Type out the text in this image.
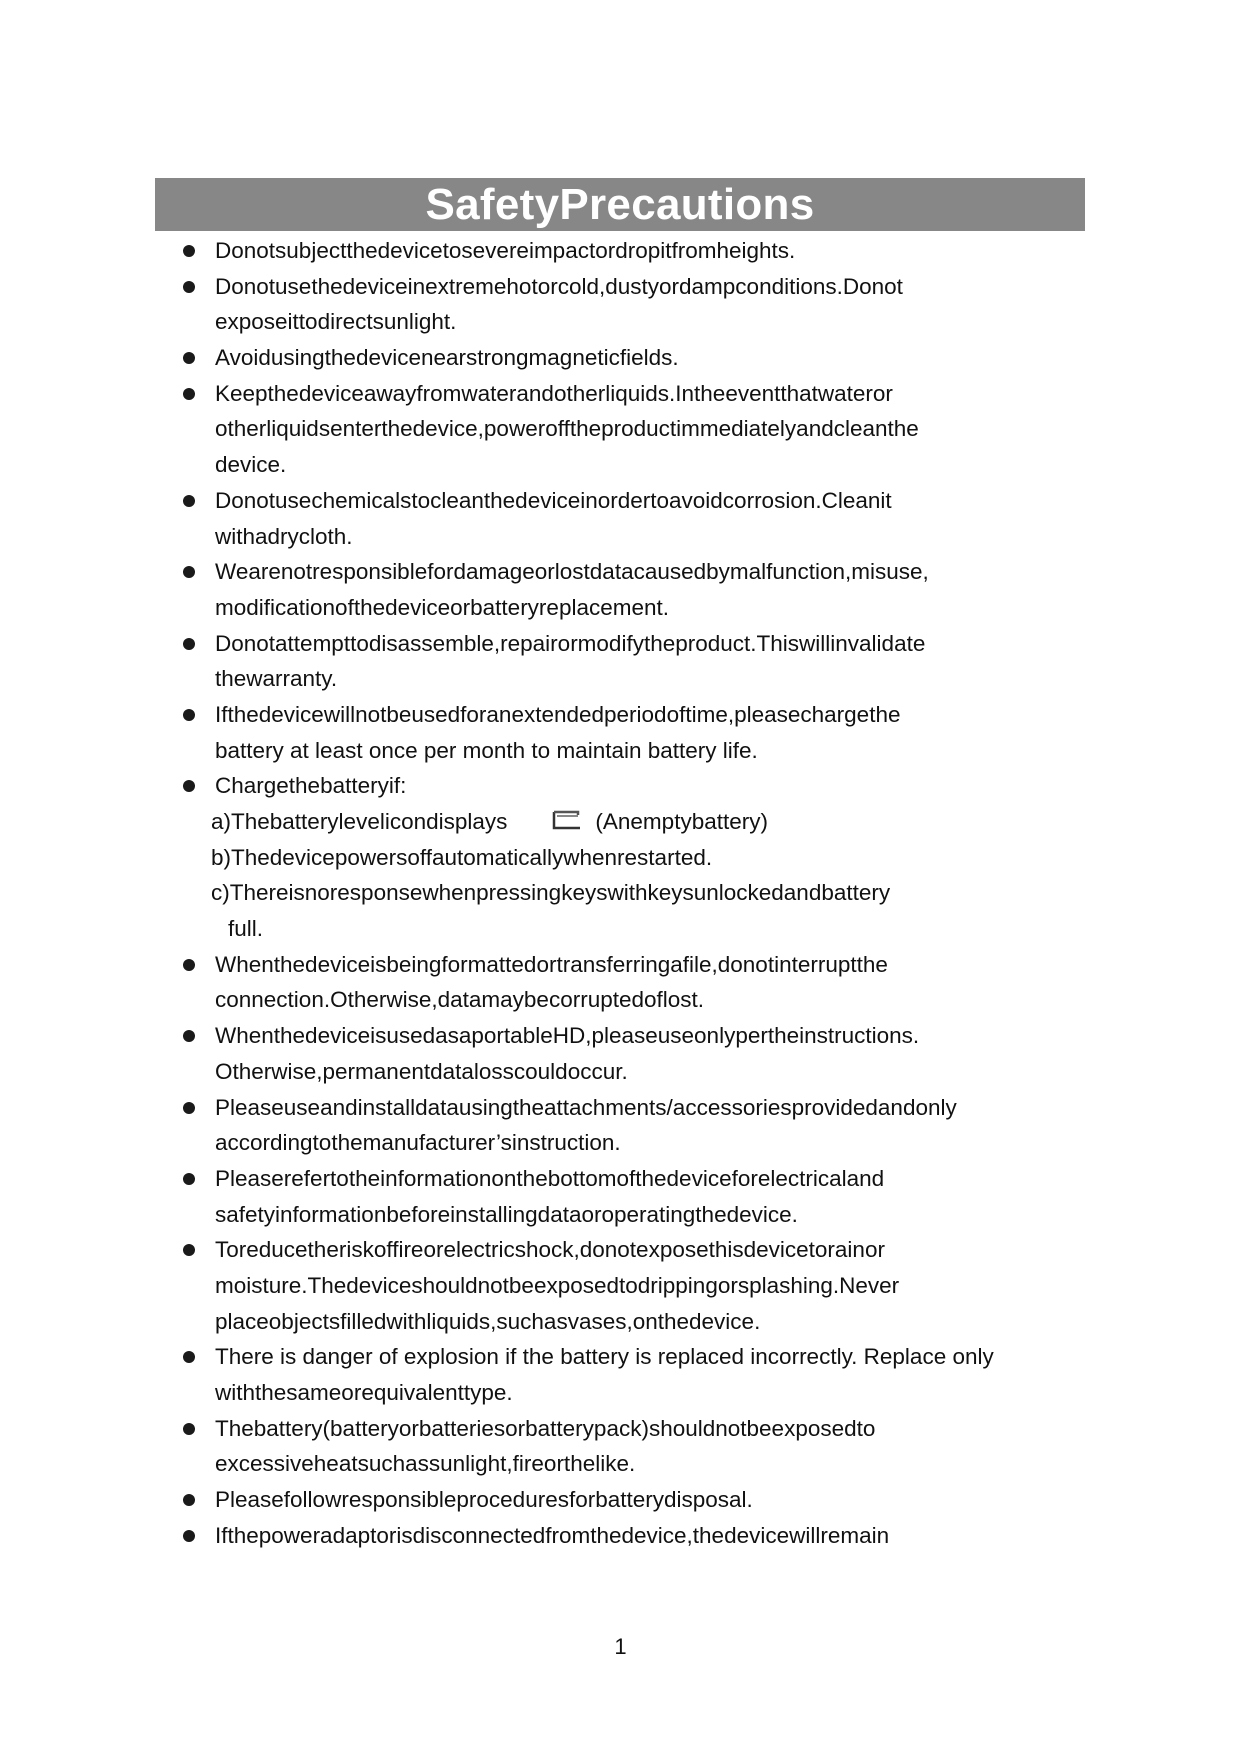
SafetyPrecautions
Donotsubjectthedevicetosevereimpactordropitfromheights.
Donotusethedeviceinextremehotorcold,dustyordampconditions.Donot
exposeittodirectsunlight.
Avoidusingthedevicenearstrongmagneticfields.
Keepthedeviceawayfromwaterandotherliquids.Intheeventthatwateror
otherliquidsenterthedevice,powerofftheproductimmediatelyandcleanthe
device.
Donotusechemicalstocleanthedeviceinordertoavoidcorrosion.Cleanit
withadrycloth.
Wearenotresponsiblefordamageorlostdatacausedbymalfunction,misuse,
modificationofthedeviceorbatteryreplacement.
Donotattempttodisassemble,repairormodifytheproduct.Thiswillinvalidate
thewarranty.
Ifthedevicewillnotbeusedforanextendedperiodoftime,pleasechargethe
battery at least once per month to maintain battery life.
Chargethebatteryif:
a)Thebatterylevelicondisplays	(Anemptybattery)
b)Thedevicepowersoffautomaticallywhenrestarted.
c)Thereisnoresponsewhenpressingkeyswithkeysunlockedandbattery
full.
Whenthedeviceisbeingformattedortransferringafile,donotinterruptthe
connection.Otherwise,datamaybecorruptedoflost.
WhenthedeviceisusedasaportableHD,pleaseuseonlypertheinstructions.
Otherwise,permanentdatalosscouldoccur.
Pleaseuseandinstalldatausingtheattachments/accessoriesprovidedandonly
accordingtothemanufacturer’sinstruction.
Pleaserefertotheinformationonthebottomofthedeviceforelectricaland
safetyinformationbeforeinstallingdataoroperatingthedevice.
Toreducetheriskoffireorelectricshock,donotexposethisdevicetorainor
moisture.Thedeviceshouldnotbeexposedtodrippingorsplashing.Never
placeobjectsfilledwithliquids,suchasvases,onthedevice.
There is danger of explosion if the battery is replaced incorrectly. Replace only
withthesameorequivalenttype.
Thebattery(batteryorbatteriesorbatterypack)shouldnotbeexposedto
excessiveheatsuchassunlight,fireorthelike.
Pleasefollowresponsibleproceduresforbatterydisposal.
Ifthepoweradaptorisdisconnectedfromthedevice,thedevicewillremain
1
